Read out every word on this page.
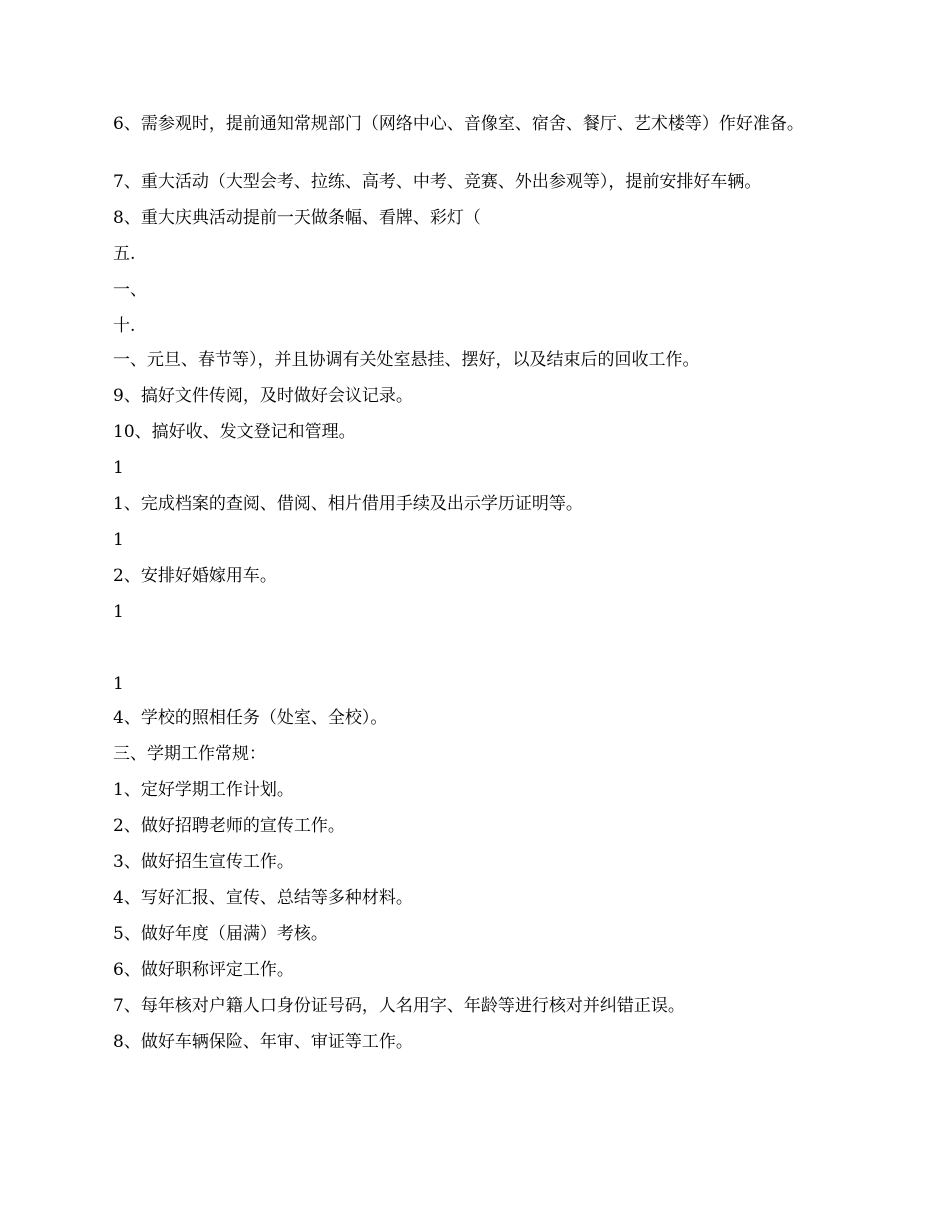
6、需参观时，提前通知常规部门（网络中心、音像室、宿舍、餐厅、艺术楼等）作好准备。
7、重大活动（大型会考、拉练、高考、中考、竞赛、外出参观等），提前安排好车辆。
8、重大庆典活动提前一天做条幅、看牌、彩灯（
五.
一、
十.
一、元旦、春节等），并且协调有关处室悬挂、摆好，以及结束后的回收工作。
9、搞好文件传阅，及时做好会议记录。
10、搞好收、发文登记和管理。
1
1、完成档案的查阅、借阅、相片借用手续及出示学历证明等。
1
2、安排好婚嫁用车。
1
1
4、学校的照相任务（处室、全校）。
三、学期工作常规：
1、定好学期工作计划。
2、做好招聘老师的宣传工作。
3、做好招生宣传工作。
4、写好汇报、宣传、总结等多种材料。
5、做好年度（届满）考核。
6、做好职称评定工作。
7、每年核对户籍人口身份证号码，人名用字、年龄等进行核对并纠错正误。
8、做好车辆保险、年审、审证等工作。
